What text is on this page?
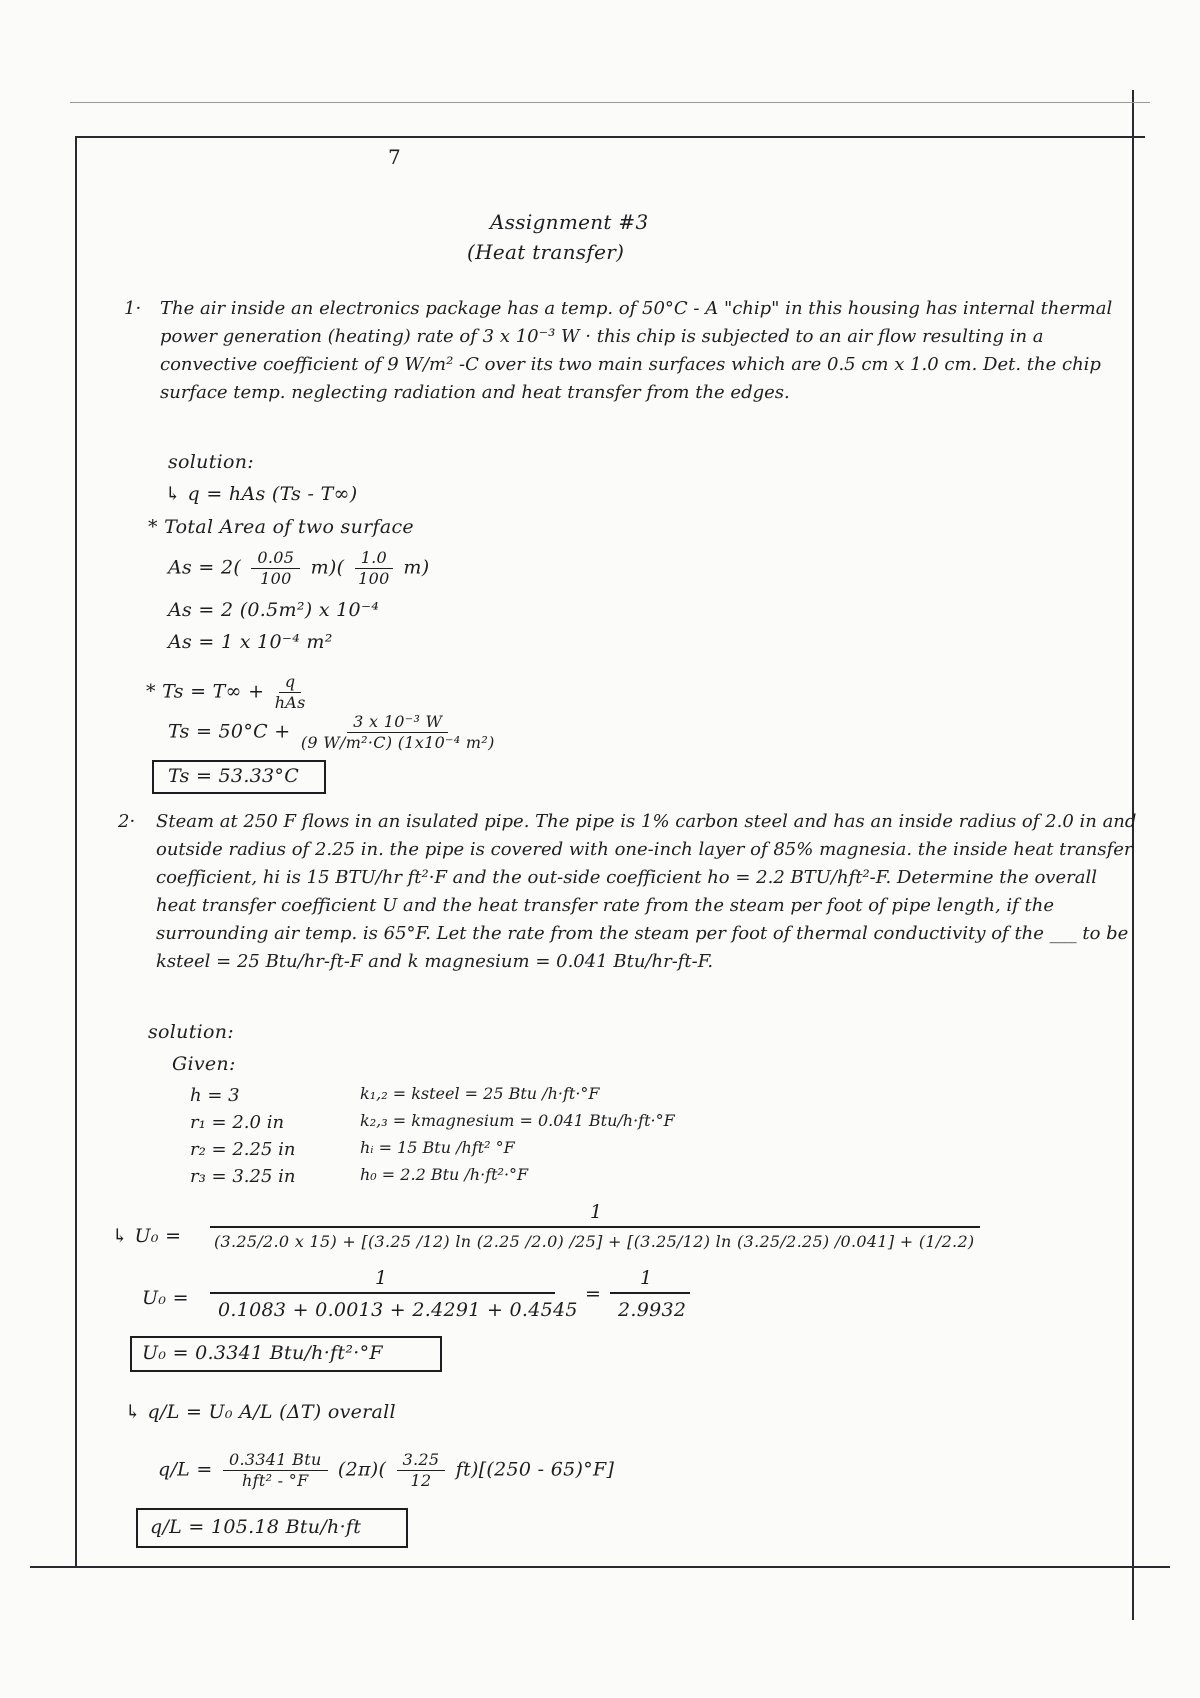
7
Assignment #3
(Heat transfer)
1· The air inside an electronics package has a temp. of 50°C - A "chip" in this housing has internal thermal power generation (heating) rate of 3 x 10⁻³ W · this chip is subjected to an air flow resulting in a convective coefficient of 9 W/m² -C over its two main surfaces which are 0.5 cm x 1.0 cm. Det. the chip surface temp. neglecting radiation and heat transfer from the edges.
solution:
↳ q = hAs (Ts - T∞)
* Total Area of two surface
$As = 2( \frac{0.05}{100} m)( \frac{1.0}{100} m)$
As = 2 (0.5m²) x 10⁻⁴
As = 1 x 10⁻⁴ m²
* $Ts = T\infty + \frac{q}{\text{hAs}}$
$Ts = 50^\circ C + \frac{\text{3 x 10⁻³ W}}{\text{(9 W/m²·C) (1x10⁻⁴ m²)}}$
Ts = 53.33°C
2· Steam at 250 F flows in an isulated pipe. The pipe is 1% carbon steel and has an inside radius of 2.0 in and outside radius of 2.25 in. the pipe is covered with one-inch layer of 85% magnesia. the inside heat transfer coefficient, hi is 15 BTU/hr ft²·F and the out-side coefficient ho = 2.2 BTU/hft²-F. Determine the overall heat transfer coefficient U and the heat transfer rate from the steam per foot of pipe length, if the surrounding air temp. is 65°F. Let the rate from the steam per foot of thermal conductivity of the ___ to be ksteel = 25 Btu/hr-ft-F and k magnesium = 0.041 Btu/hr-ft-F.
solution:
Given:
h = 3
r₁ = 2.0 in
r₂ = 2.25 in
r₃ = 3.25 in
k₁,₂ = ksteel = 25 Btu /h·ft·°F
k₂,₃ = kmagnesium = 0.041 Btu/h·ft·°F
hᵢ = 15 Btu /hft² °F
h₀ = 2.2 Btu /h·ft²·°F
↳ U₀ =
1
(3.25/2.0 x 15) + [(3.25 /12) ln (2.25 /2.0) /25] + [(3.25/12) ln (3.25/2.25) /0.041] + (1/2.2)
U₀ =
1
0.1083 + 0.0013 + 2.4291 + 0.4545
=
1
2.9932
U₀ = 0.3341 Btu/h·ft²·°F
↳ q/L = U₀ A/L (ΔT) overall
$q/L = \frac{\text{0.3341 Btu}}{\text{hft² - °F}} (2\pi)( \frac{3.25}{12} ft)[(250 - 65)^\circ F]$
q/L = 105.18 Btu/h·ft
